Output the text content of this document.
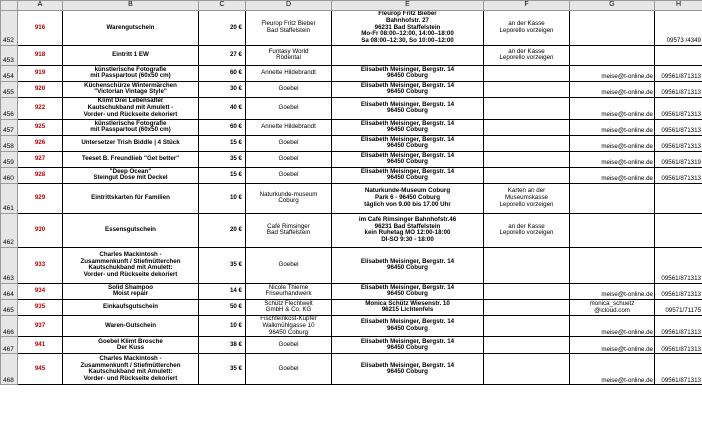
	A	B	C	D	E	F	G	H
452	916	Warengutschein	20 €	Fleurop Fritz Bieber
Bad Staffelstein	Fleurop Fritz Bieber
Bahnhofstr. 27
96231 Bad Staffelstein
Mo-Fr 08:00–12:00, 14:00–18:00
Sa 08:00–12:30, So 10:00–12:00	an der Kasse
Leporello vorzeigen		09573 /4349
453	918	Eintritt 1 EW	27 €	Funtasy World
Rödental		an der Kasse
Leporello vorzeigen		

454	919	künstlerische Fotografie
mit Passpartout (60x50 cm)	60 €	Annette Hildebrandt	Elisabeth Meisinger, Bergstr. 14
96450 Coburg		meise@t-online.de	09561/871313
455	920	Küchenschürze Wintermärchen
"Victorian Vintage Style"	30 €	Goebel	Elisabeth Meisinger, Bergstr. 14
96450 Coburg		meise@t-online.de	09561/871313
456	922	Klimt Drei Lebensalter
Kautschukband mit Amulett -
Vorder- und Rückseite dekoriert	40 €	Goebel	Elisabeth Meisinger, Bergstr. 14
96450 Coburg		meise@t-online.de	09561/871313
457	925	künstlerische Fotografie
mit Passpartout (60x50 cm)	60 €	Annette Hildebrandt	Elisabeth Meisinger, Bergstr. 14
96450 Coburg		meise@t-online.de	09561/871313
458	926	Untersetzer Trish Biddle | 4 Stück	15 €	Goebel	Elisabeth Meisinger, Bergstr. 14
96450 Coburg		meise@t-online.de	09561/871313
459	927	Teeset B. Freundlieb "Get better"	35 €	Goebel	Elisabeth Meisinger, Bergstr. 14
96450 Coburg		meise@t-online.de	09561/871319
460	928	"Deep Ocean"
Steingut Dose mit Deckel	15 €	Goebel	Elisabeth Meisinger, Bergstr. 14
96450 Coburg		meise@t-online.de	09561/871313
461	929	Eintrittskarten für Familien	10 €	Naturkunde-museum
Coburg	Naturkunde-Museum Coburg
Park 6 - 96450 Coburg
täglich von 9.00 bis 17.00 Uhr	Karten an der
Museumskasse
Leporello vorzeigen		

462	930	Essensgutschein	20 €	Café Rimsinger
Bad Staffelstein	im Café Rimsinger Bahnhofstr.46
96231 Bad Staffelstein
kein Ruhetag MO 12:00-18:00
DI-SO 9:30 - 18:00	an der Kasse
Leporello vorzeigen		

463	933	Charles Mackintosh -
Zusammenkunft / Stiefmütterchen
Kautschukband mit Amulett:
Vorder- und Rückseite dekoriert	35 €	Goebel	Elisabeth Meisinger, Bergstr. 14
96450 Coburg			09561/871313
464	934	Solid Shampoo
Moist repair	14 €	Nicole Thieme
Friseurhandwerk	Elisabeth Meisinger, Bergstr. 14
96450 Coburg		meise@t-online.de	09561/871313
465	935	Einkaufsgutschein	50 €	Schütz Flechtwelt
GmbH & Co. KG	Monica Schütz Wiesenstr. 10
96215 Lichtenfels		monica_schuetz
@icloud.com	09571/71175
466	937	Waren-Gutschein	10 €	Fischfeinkost-Kupfer
Walkmühlgasse 10
96450 Coburg	Elisabeth Meisinger, Bergstr. 14
96450 Coburg		meise@t-online.de	09561/871313
467	941	Goebel Klimt Brosche
Der Kuss	38 €	Goebel	Elisabeth Meisinger, Bergstr. 14
96450 Coburg		meise@t-online.de	09561/871313
468	945	Charles Mackintosh -
Zusammenkunft / Stiefmütterchen
Kautschukband mit Amulett:
Vorder- und Rückseite dekoriert	35 €	Goebel	Elisabeth Meisinger, Bergstr. 14
96450 Coburg		meise@t-online.de	09561/871313
